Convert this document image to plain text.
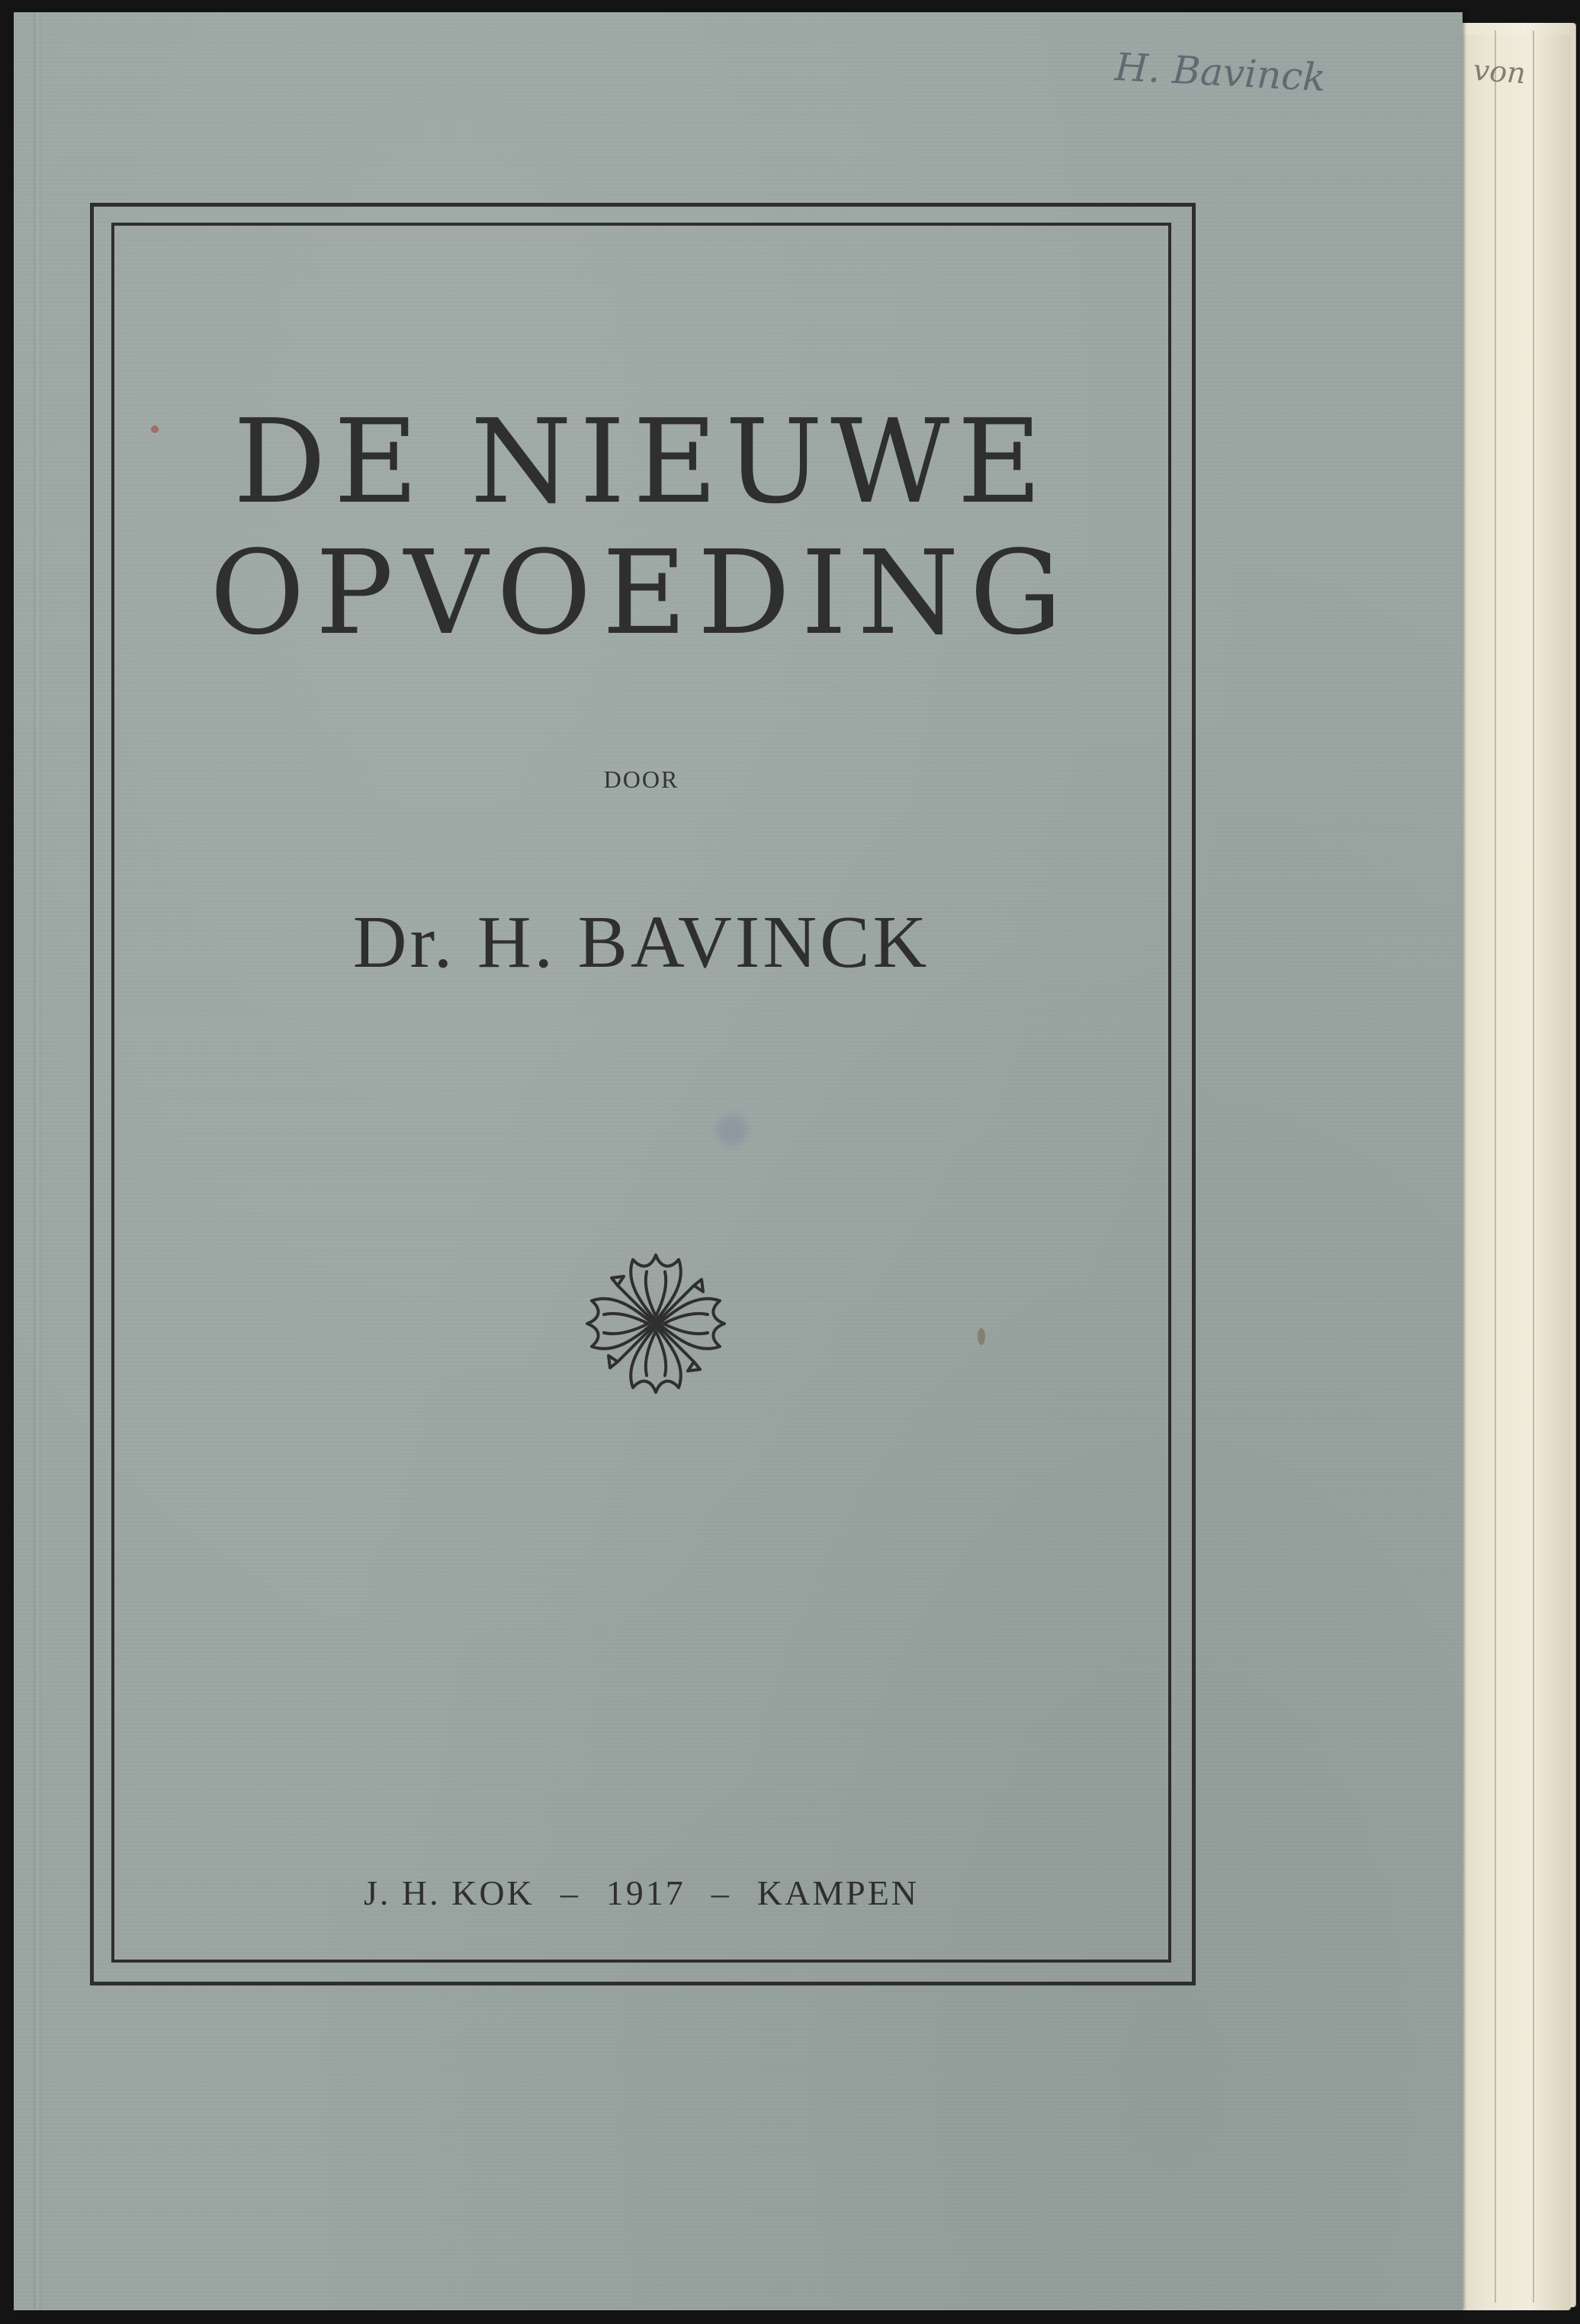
von
H. Bavinck
DE NIEUWE
OPVOEDING
DOOR
Dr. H. BAVINCK
J. H. KOK – 1917 – KAMPEN
